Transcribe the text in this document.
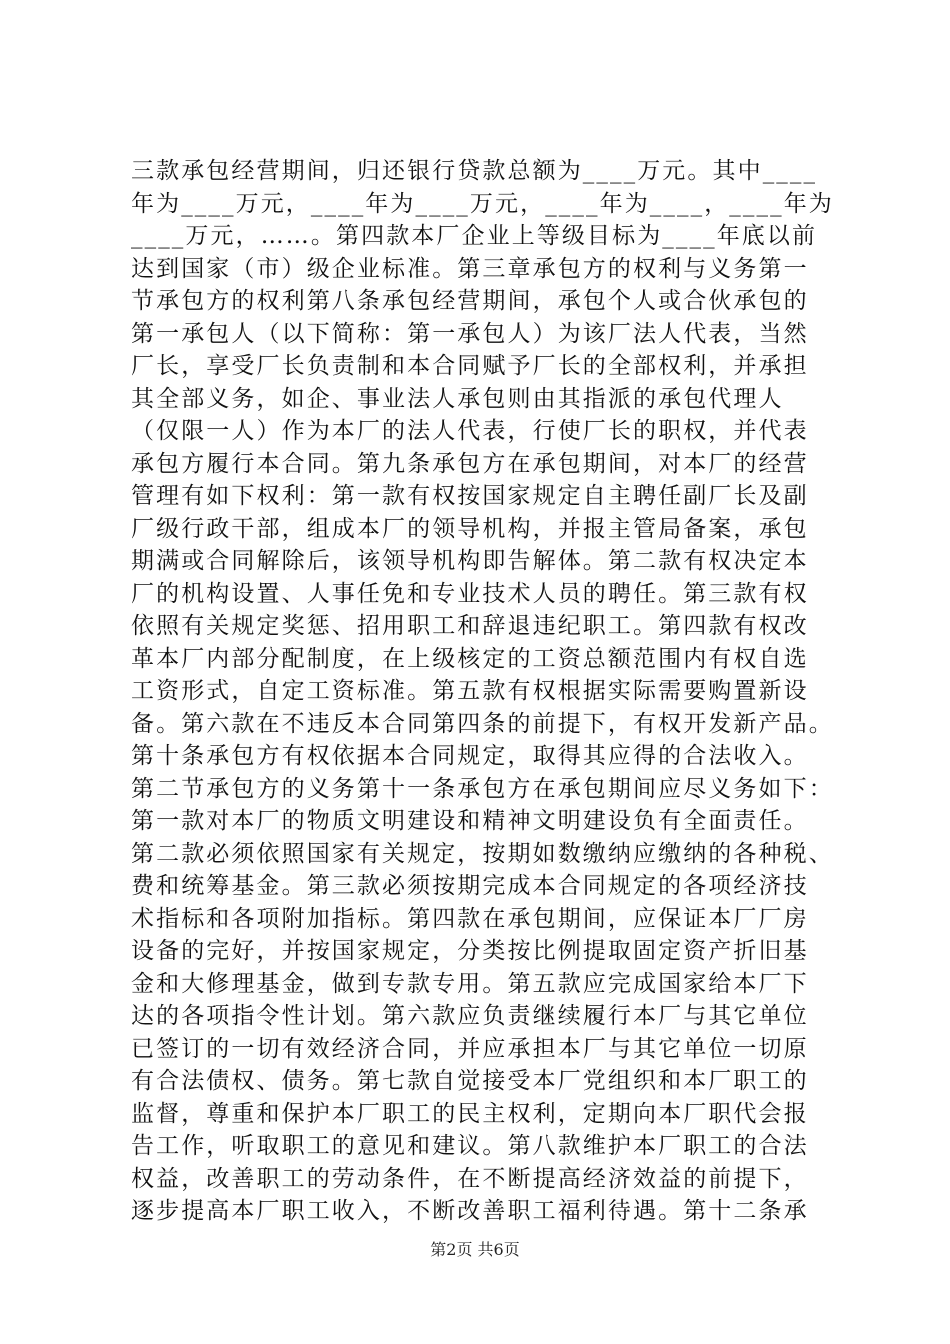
三款承包经营期间，归还银行贷款总额为____万元。其中____
年为____万元，____年为____万元，____年为____，____年为
____万元，……。第四款本厂企业上等级目标为____年底以前
达到国家（市）级企业标准。第三章承包方的权利与义务第一
节承包方的权利第八条承包经营期间，承包个人或合伙承包的
第一承包人（以下简称：第一承包人）为该厂法人代表，当然
厂长，享受厂长负责制和本合同赋予厂长的全部权利，并承担
其全部义务，如企、事业法人承包则由其指派的承包代理人
（仅限一人）作为本厂的法人代表，行使厂长的职权，并代表
承包方履行本合同。第九条承包方在承包期间，对本厂的经营
管理有如下权利：第一款有权按国家规定自主聘任副厂长及副
厂级行政干部，组成本厂的领导机构，并报主管局备案，承包
期满或合同解除后，该领导机构即告解体。第二款有权决定本
厂的机构设置、人事任免和专业技术人员的聘任。第三款有权
依照有关规定奖惩、招用职工和辞退违纪职工。第四款有权改
革本厂内部分配制度，在上级核定的工资总额范围内有权自选
工资形式，自定工资标准。第五款有权根据实际需要购置新设
备。第六款在不违反本合同第四条的前提下，有权开发新产品。
第十条承包方有权依据本合同规定，取得其应得的合法收入。
第二节承包方的义务第十一条承包方在承包期间应尽义务如下：
第一款对本厂的物质文明建设和精神文明建设负有全面责任。
第二款必须依照国家有关规定，按期如数缴纳应缴纳的各种税、
费和统筹基金。第三款必须按期完成本合同规定的各项经济技
术指标和各项附加指标。第四款在承包期间，应保证本厂厂房
设备的完好，并按国家规定，分类按比例提取固定资产折旧基
金和大修理基金，做到专款专用。第五款应完成国家给本厂下
达的各项指令性计划。第六款应负责继续履行本厂与其它单位
已签订的一切有效经济合同，并应承担本厂与其它单位一切原
有合法债权、债务。第七款自觉接受本厂党组织和本厂职工的
监督，尊重和保护本厂职工的民主权利，定期向本厂职代会报
告工作，听取职工的意见和建议。第八款维护本厂职工的合法
权益，改善职工的劳动条件，在不断提高经济效益的前提下，
逐步提高本厂职工收入，不断改善职工福利待遇。第十二条承
第2页 共6页
